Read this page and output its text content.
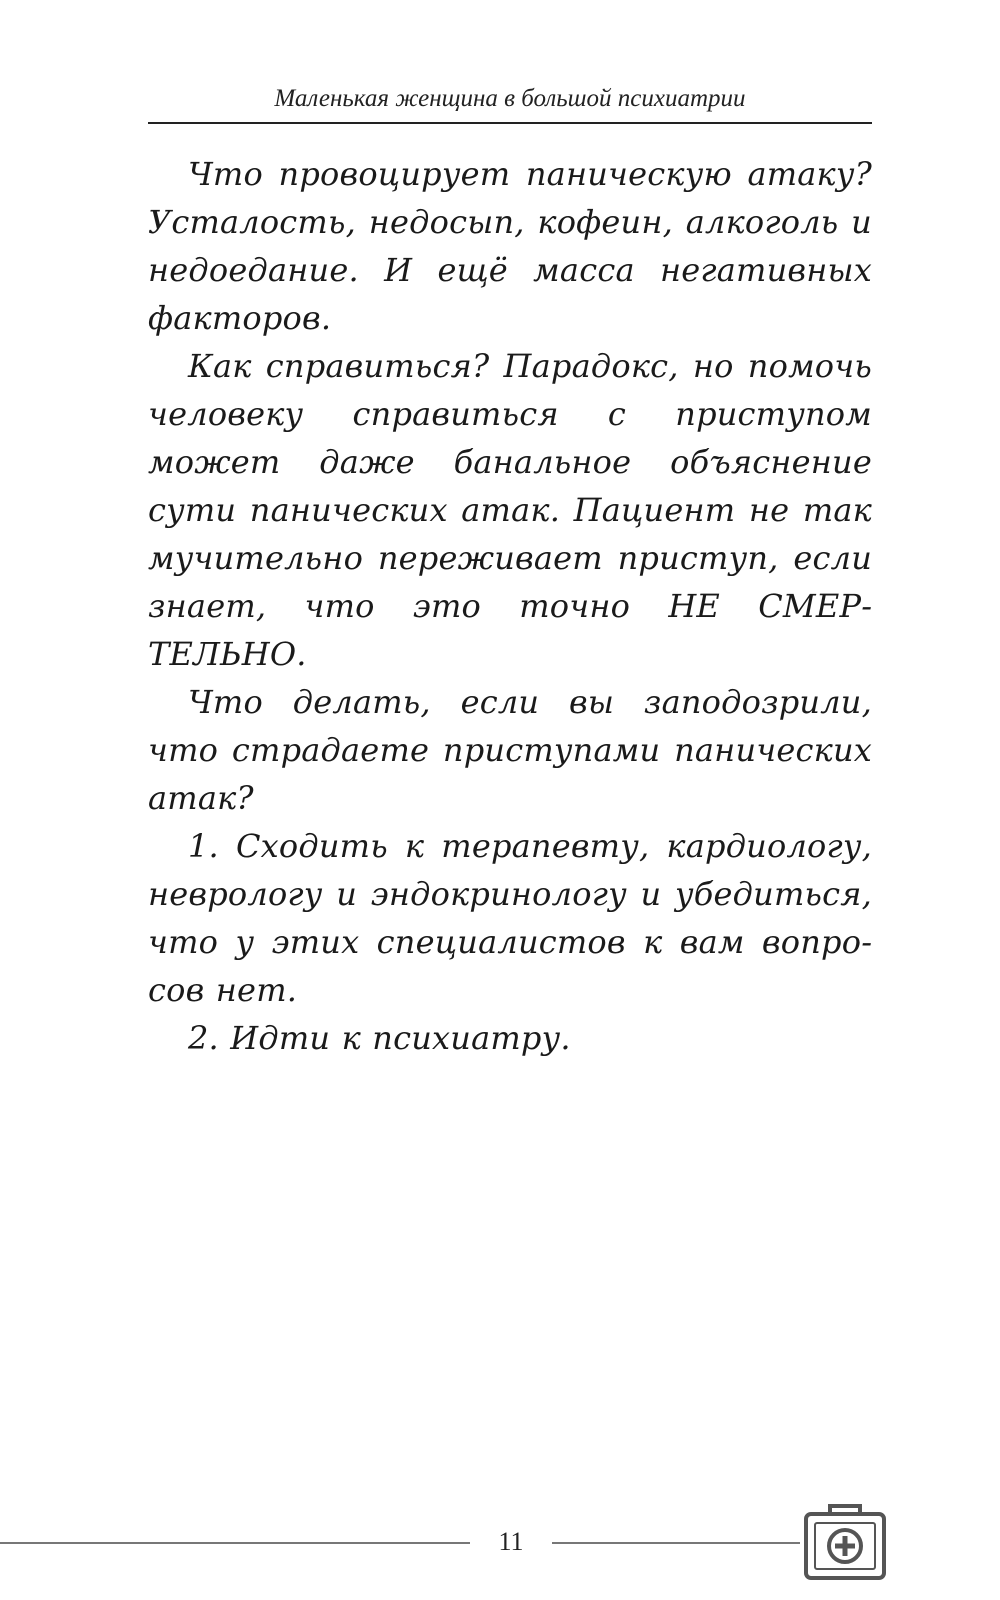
Маленькая женщина в большой психиатрии

Что провоцирует паническую атаку? Усталость, недосып, кофеин, алкоголь и недоедание. И ещё масса негативных факторов.

Как справиться? Парадокс, но помочь человеку справиться с приступом может даже банальное объяснение сути панических атак. Пациент не так мучительно переживает приступ, если знает, что это точно НЕ СМЕРТЕЛЬНО.

Что делать, если вы заподозрили, что страдаете приступами панических атак?

1. Сходить к терапевту, кардиологу, неврологу и эндокринологу и убедиться, что у этих специалистов к вам вопросов нет.

2. Идти к психиатру.

11
